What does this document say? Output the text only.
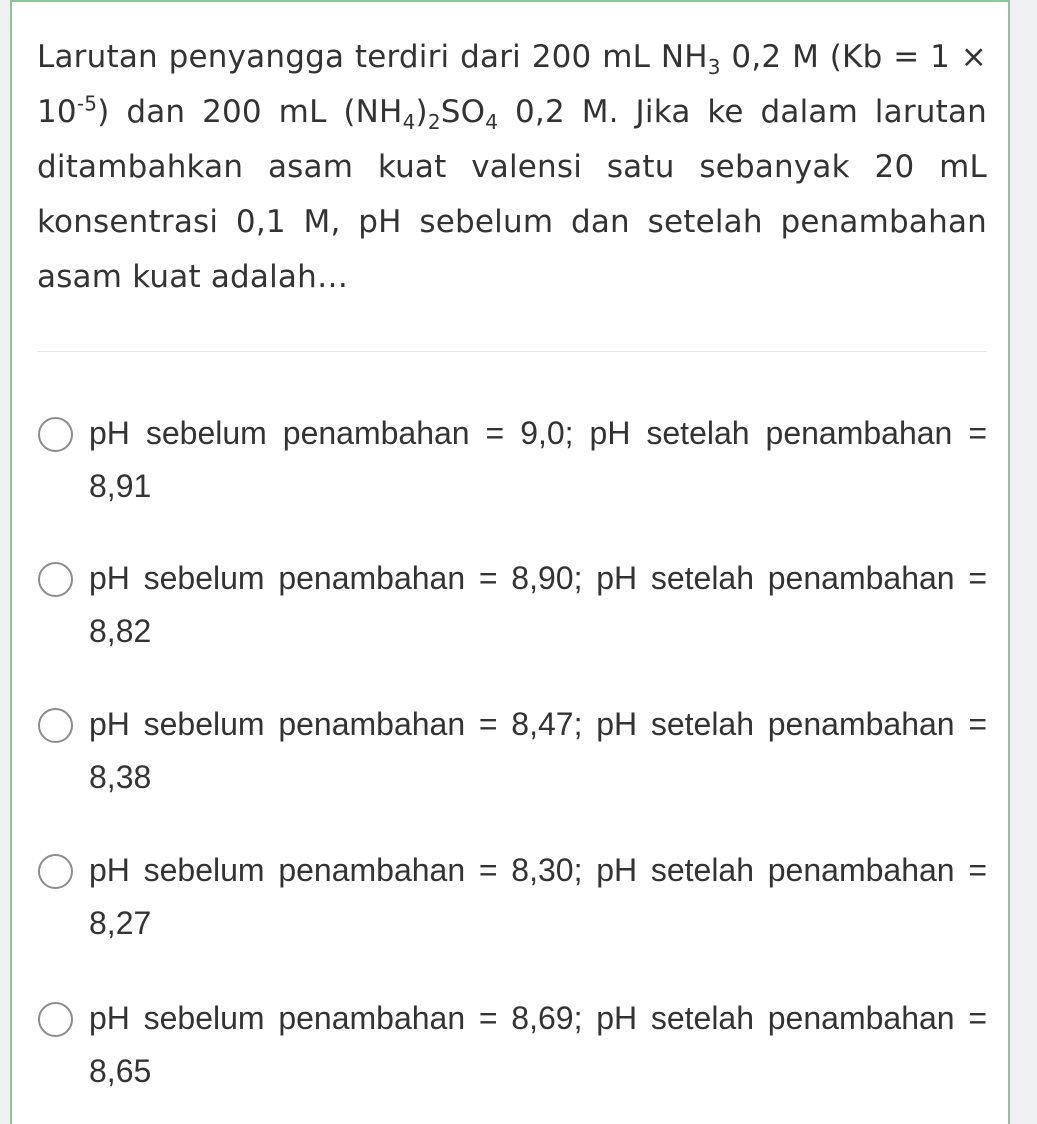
Larutan penyangga terdiri dari 200 mL $NH_3$ 0,2 M $(Kb = 1 \times 10^{-5})$ dan 200 mL $(NH_4)_2SO_4$ 0,2 M. Jika ke dalam larutan ditambahkan asam kuat valensi satu sebanyak 20 mL konsentrasi 0,1 M, pH sebelum dan setelah penambahan asam kuat adalah…
pH sebelum penambahan = 9,0; pH setelah penambahan = 8,91
pH sebelum penambahan = 8,90; pH setelah penambahan = 8,82
pH sebelum penambahan = 8,47; pH setelah penambahan = 8,38
pH sebelum penambahan = 8,30; pH setelah penambahan = 8,27
pH sebelum penambahan = 8,69; pH setelah penambahan = 8,65
